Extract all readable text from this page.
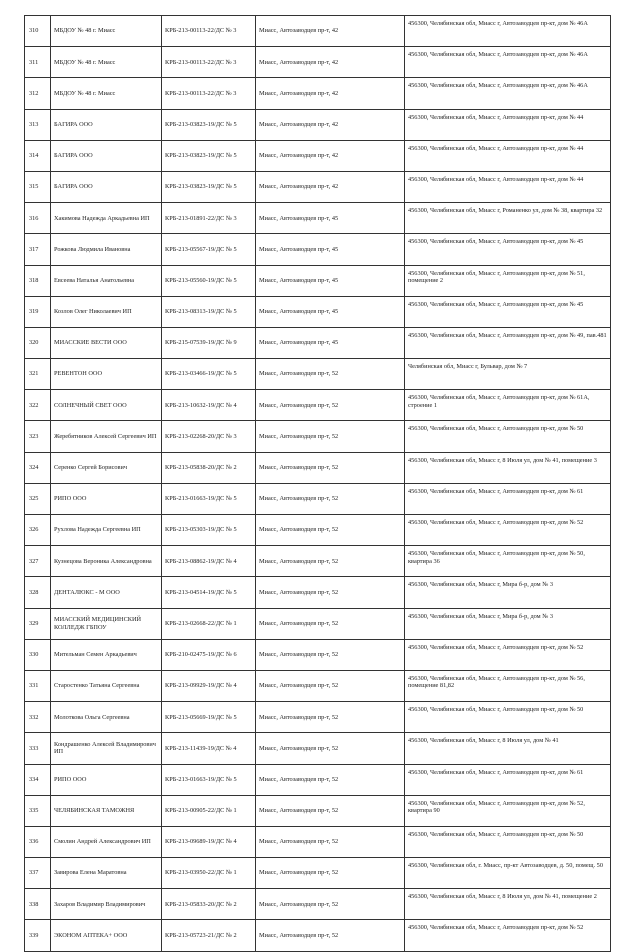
310	МБДОУ № 48 г. Миасс	КРБ-213-00113-22/ДС № 3	Миасс, Автозаводцев пр-т, 42	456300, Челябинская обл, Миасс г, Автозаводцев пр-кт, дом № 46А
311	МБДОУ № 48 г. Миасс	КРБ-213-00113-22/ДС № 3	Миасс, Автозаводцев пр-т, 42	456300, Челябинская обл, Миасс г, Автозаводцев пр-кт, дом № 46А
312	МБДОУ № 48 г. Миасс	КРБ-213-00113-22/ДС № 3	Миасс, Автозаводцев пр-т, 42	456300, Челябинская обл, Миасс г, Автозаводцев пр-кт, дом № 46А
313	БАГИРА ООО	КРБ-213-03823-19/ДС № 5	Миасс, Автозаводцев пр-т, 42	456300, Челябинская обл, Миасс г, Автозаводцев пр-кт, дом № 44
314	БАГИРА ООО	КРБ-213-03823-19/ДС № 5	Миасс, Автозаводцев пр-т, 42	456300, Челябинская обл, Миасс г, Автозаводцев пр-кт, дом № 44
315	БАГИРА ООО	КРБ-213-03823-19/ДС № 5	Миасс, Автозаводцев пр-т, 42	456300, Челябинская обл, Миасс г, Автозаводцев пр-кт, дом № 44
316	Хакимова Надежда Аркадьевна ИП	КРБ-213-01891-22/ДС № 3	Миасс, Автозаводцев пр-т, 45	456300, Челябинская обл, Миасс г, Романенко ул, дом № 38, квартира 32
317	Рожкова Людмила Ивановна	КРБ-213-05567-19/ДС № 5	Миасс, Автозаводцев пр-т, 45	456300, Челябинская обл, Миасс г, Автозаводцев пр-кт, дом № 45
318	Евсеева Наталья Анатольевна	КРБ-213-05560-19/ДС № 5	Миасс, Автозаводцев пр-т, 45	456300, Челябинская обл, Миасс г, Автозаводцев пр-кт, дом № 51, помещение 2
319	Козлов Олег Николаевич ИП	КРБ-213-08313-19/ДС № 5	Миасс, Автозаводцев пр-т, 45	456300, Челябинская обл, Миасс г, Автозаводцев пр-кт, дом № 45
320	МИАССКИЕ ВЕСТИ ООО	КРБ-215-07539-19/ДС № 9	Миасс, Автозаводцев пр-т, 45	456300, Челябинская обл, Миасс г, Автозаводцев пр-кт, дом № 49, пав.481
321	РЕВЕНТОН ООО	КРБ-213-03466-19/ДС № 5	Миасс, Автозаводцев пр-т, 52	Челябинская обл, Миасс г, Бульвар, дом № 7
322	СОЛНЕЧНЫЙ СВЕТ ООО	КРБ-213-10632-19/ДС № 4	Миасс, Автозаводцев пр-т, 52	456300, Челябинская обл, Миасс г, Автозаводцев пр-кт, дом № 61А, строение 1
323	Жеребятников Алексей Сергеевич ИП	КРБ-213-02268-20/ДС № 3	Миасс, Автозаводцев пр-т, 52	456300, Челябинская обл, Миасс г, Автозаводцев пр-кт, дом № 50
324	Серенко Сергей Борисович	КРБ-213-05838-20/ДС № 2	Миасс, Автозаводцев пр-т, 52	456300, Челябинская обл, Миасс г, 8 Июля ул, дом № 41, помещение 3
325	РИПО ООО	КРБ-213-01663-19/ДС № 5	Миасс, Автозаводцев пр-т, 52	456300, Челябинская обл, Миасс г, Автозаводцев пр-кт, дом № 61
326	Рухлова Надежда Сергеевна ИП	КРБ-213-05303-19/ДС № 5	Миасс, Автозаводцев пр-т, 52	456300, Челябинская обл, Миасс г, Автозаводцев пр-кт, дом № 52
327	Кузнецова Вероника Александровна	КРБ-213-08862-19/ДС № 4	Миасс, Автозаводцев пр-т, 52	456300, Челябинская обл, Миасс г, Автозаводцев пр-кт, дом № 50, квартира 36
328	ДЕНТАЛЮКС - М ООО	КРБ-213-04514-19/ДС № 5	Миасс, Автозаводцев пр-т, 52	456300, Челябинская обл, Миасс г, Мира б-р, дом № 3
329	МИАССКИЙ МЕДИЦИНСКИЙ КОЛЛЕДЖ ГБПОУ	КРБ-213-02668-22/ДС № 1	Миасс, Автозаводцев пр-т, 52	456300, Челябинская обл, Миасс г, Мира б-р, дом № 3
330	Мительман Семен Аркадьевич	КРБ-210-02475-19/ДС № 6	Миасс, Автозаводцев пр-т, 52	456300, Челябинская обл, Миасс г, Автозаводцев пр-кт, дом № 52
331	Старостенко Татьяна Сергеевна	КРБ-213-09929-19/ДС № 4	Миасс, Автозаводцев пр-т, 52	456300, Челябинская обл, Миасс г, Автозаводцев пр-кт, дом № 56, помещение 81,82
332	Молоткова Ольга Сергеевна	КРБ-213-05669-19/ДС № 5	Миасс, Автозаводцев пр-т, 52	456300, Челябинская обл, Миасс г, Автозаводцев пр-кт, дом № 50
333	Кондрашенко Алексей Владимирович ИП	КРБ-213-11439-19/ДС № 4	Миасс, Автозаводцев пр-т, 52	456300, Челябинская обл, Миасс г, 8 Июля ул, дом № 41
334	РИПО ООО	КРБ-213-01663-19/ДС № 5	Миасс, Автозаводцев пр-т, 52	456300, Челябинская обл, Миасс г, Автозаводцев пр-кт, дом № 61
335	ЧЕЛЯБИНСКАЯ ТАМОЖНЯ	КРБ-213-00905-22/ДС № 1	Миасс, Автозаводцев пр-т, 52	456300, Челябинская обл, Миасс г, Автозаводцев пр-кт, дом № 52, квартира 90
336	Смолин Андрей Александрович ИП	КРБ-213-09689-19/ДС № 4	Миасс, Автозаводцев пр-т, 52	456300, Челябинская обл, Миасс г, Автозаводцев пр-кт, дом № 50
337	Завирова Елена Маратовна	КРБ-213-03950-22/ДС № 1	Миасс, Автозаводцев пр-т, 52	456300, Челябинская обл, г. Миасс, пр-кт Автозаводцев, д. 50, помещ. 50
338	Захаров Владимир Владимирович	КРБ-213-05833-20/ДС № 2	Миасс, Автозаводцев пр-т, 52	456300, Челябинская обл, Миасс г, 8 Июля ул, дом № 41, помещение 2
339	ЭКОНОМ АПТЕКА+ ООО	КРБ-213-05723-21/ДС № 2	Миасс, Автозаводцев пр-т, 52	456300, Челябинская обл, Миасс г, Автозаводцев пр-кт, дом № 52
